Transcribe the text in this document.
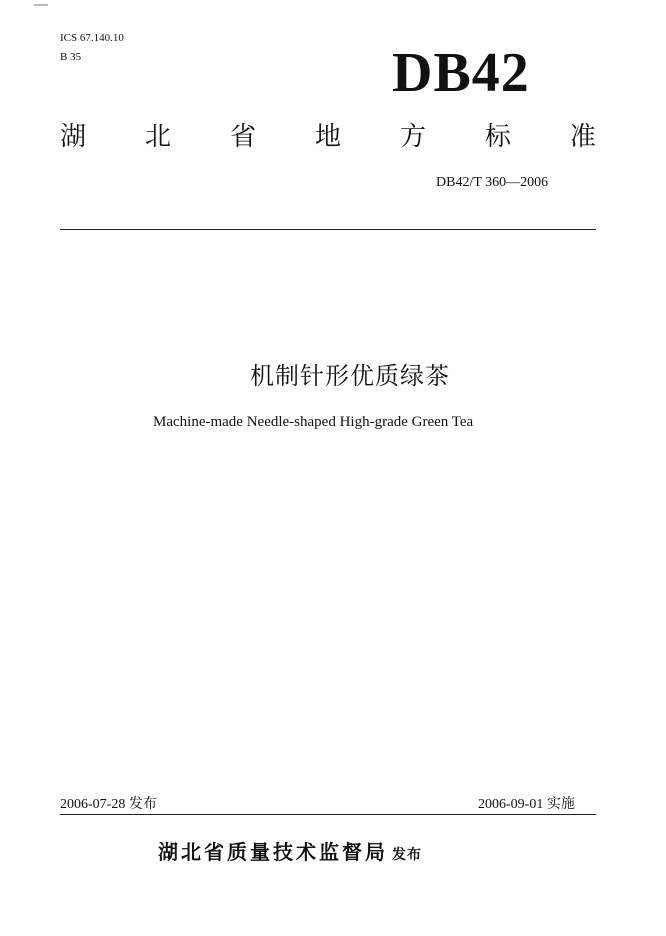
ICS 67.140.10
B 35	DB42
湖 北 省 地 方 标 准
DB42/T 360—2006
机制针形优质绿茶
Machine-made Needle-shaped High-grade Green Tea
2006-07-28 发布	2006-09-01 实施
湖北省质量技术监督局 发布
